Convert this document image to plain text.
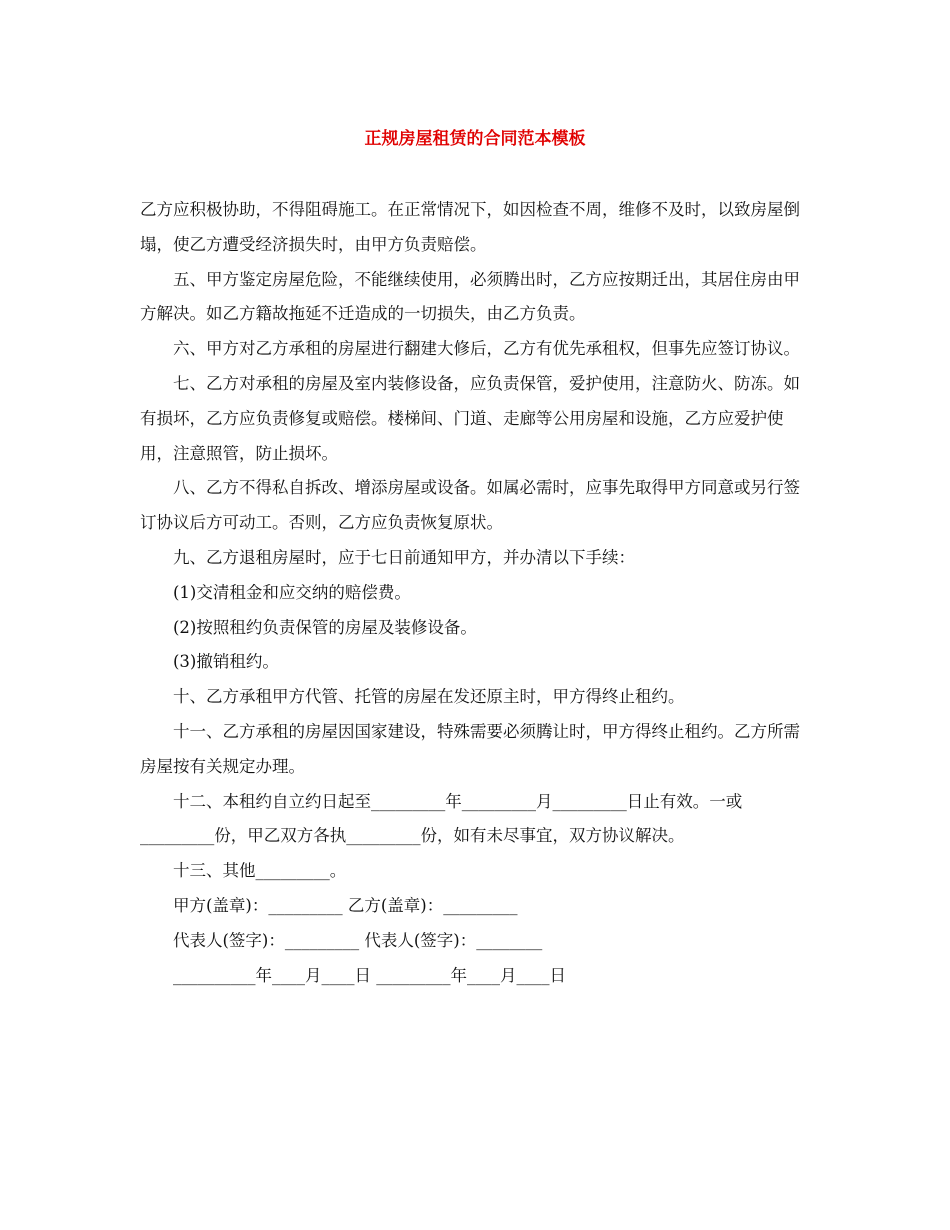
正规房屋租赁的合同范本模板

乙方应积极协助，不得阻碍施工。在正常情况下，如因检查不周，维修不及时，以致房屋倒塌，使乙方遭受经济损失时，由甲方负责赔偿。

五、甲方鉴定房屋危险，不能继续使用，必须腾出时，乙方应按期迁出，其居住房由甲方解决。如乙方籍故拖延不迁造成的一切损失，由乙方负责。

六、甲方对乙方承租的房屋进行翻建大修后，乙方有优先承租权，但事先应签订协议。

七、乙方对承租的房屋及室内装修设备，应负责保管，爱护使用，注意防火、防冻。如有损坏，乙方应负责修复或赔偿。楼梯间、门道、走廊等公用房屋和设施，乙方应爱护使用，注意照管，防止损坏。

八、乙方不得私自拆改、增添房屋或设备。如属必需时，应事先取得甲方同意或另行签订协议后方可动工。否则，乙方应负责恢复原状。

九、乙方退租房屋时，应于七日前通知甲方，并办清以下手续：

(1)交清租金和应交纳的赔偿费。

(2)按照租约负责保管的房屋及装修设备。

(3)撤销租约。

十、乙方承租甲方代管、托管的房屋在发还原主时，甲方得终止租约。

十一、乙方承租的房屋因国家建设，特殊需要必须腾让时，甲方得终止租约。乙方所需房屋按有关规定办理。

十二、本租约自立约日起至_________年_________月_________日止有效。一或_________份，甲乙双方各执_________份，如有未尽事宜，双方协议解决。

十三、其他_________。

甲方(盖章)：_________ 乙方(盖章)：_________

代表人(签字)：_________ 代表人(签字)：________

__________年____月____日 _________年____月____日
